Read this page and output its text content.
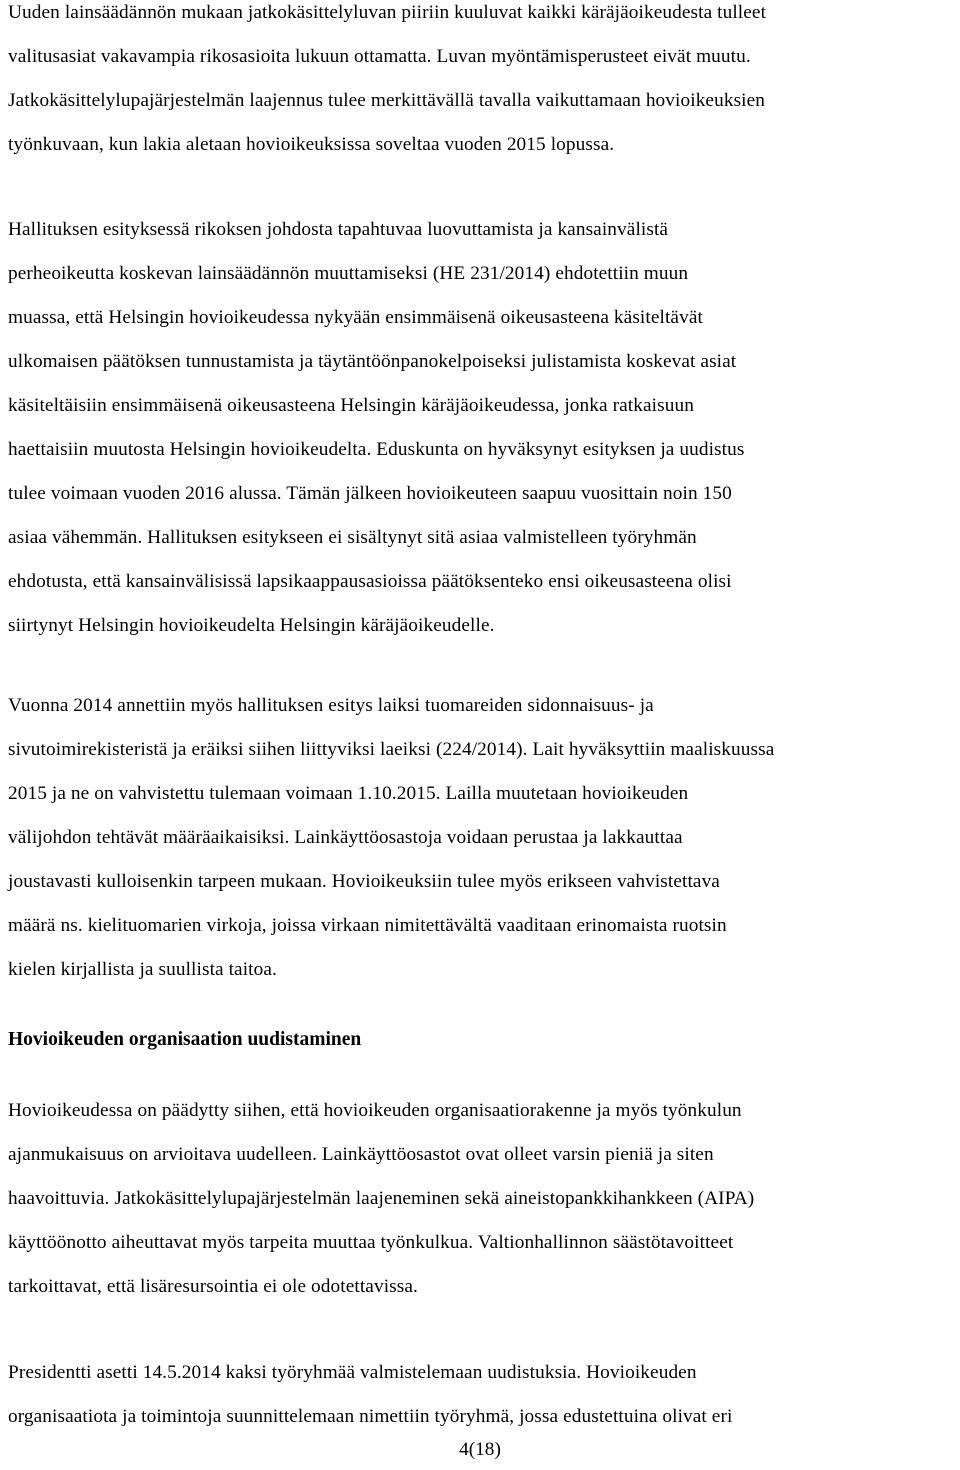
Uuden lainsäädännön mukaan jatkokäsittelyluvan piiriin kuuluvat kaikki käräjäoikeudesta tulleet
valitusasiat vakavampia rikosasioita lukuun ottamatta. Luvan myöntämisperusteet eivät muutu.
Jatkokäsittelylupajärjestelmän laajennus tulee merkittävällä tavalla vaikuttamaan hovioikeuksien
työnkuvaan, kun lakia aletaan hovioikeuksissa soveltaa vuoden 2015 lopussa.

Hallituksen esityksessä rikoksen johdosta tapahtuvaa luovuttamista ja kansainvälistä
perheoikeutta koskevan lainsäädännön muuttamiseksi (HE 231/2014) ehdotettiin muun
muassa, että Helsingin hovioikeudessa nykyään ensimmäisenä oikeusasteena käsiteltävät
ulkomaisen päätöksen tunnustamista ja täytäntöönpanokelpoiseksi julistamista koskevat asiat
käsiteltäisiin ensimmäisenä oikeusasteena Helsingin käräjäoikeudessa, jonka ratkaisuun
haettaisiin muutosta Helsingin hovioikeudelta. Eduskunta on hyväksynyt esityksen ja uudistus
tulee voimaan vuoden 2016 alussa. Tämän jälkeen hovioikeuteen saapuu vuosittain noin 150
asiaa vähemmän. Hallituksen esitykseen ei sisältynyt sitä asiaa valmistelleen työryhmän
ehdotusta, että kansainvälisissä lapsikaappausasioissa päätöksenteko ensi oikeusasteena olisi
siirtynyt Helsingin hovioikeudelta Helsingin käräjäoikeudelle.

Vuonna 2014 annettiin myös hallituksen esitys laiksi tuomareiden sidonnaisuus- ja
sivutoimirekisteristä ja eräiksi siihen liittyviksi laeiksi (224/2014). Lait hyväksyttiin maaliskuussa
2015 ja ne on vahvistettu tulemaan voimaan 1.10.2015. Lailla muutetaan hovioikeuden
välijohdon tehtävät määräaikaisiksi. Lainkäyttöosastoja voidaan perustaa ja lakkauttaa
joustavasti kulloisenkin tarpeen mukaan. Hovioikeuksiin tulee myös erikseen vahvistettava
määrä ns. kielituomarien virkoja, joissa virkaan nimitettävältä vaaditaan erinomaista ruotsin
kielen kirjallista ja suullista taitoa.

Hovioikeuden organisaation uudistaminen

Hovioikeudessa on päädytty siihen, että hovioikeuden organisaatiorakenne ja myös työnkulun
ajanmukaisuus on arvioitava uudelleen. Lainkäyttöosastot ovat olleet varsin pieniä ja siten
haavoittuvia. Jatkokäsittelylupajärjestelmän laajeneminen sekä aineistopankkihankkeen (AIPA)
käyttöönotto aiheuttavat myös tarpeita muuttaa työnkulkua. Valtionhallinnon säästötavoitteet
tarkoittavat, että lisäresursointia ei ole odotettavissa.

Presidentti asetti 14.5.2014 kaksi työryhmää valmistelemaan uudistuksia. Hovioikeuden
organisaatiota ja toimintoja suunnittelemaan nimettiin työryhmä, jossa edustettuina olivat eri

4(18)
